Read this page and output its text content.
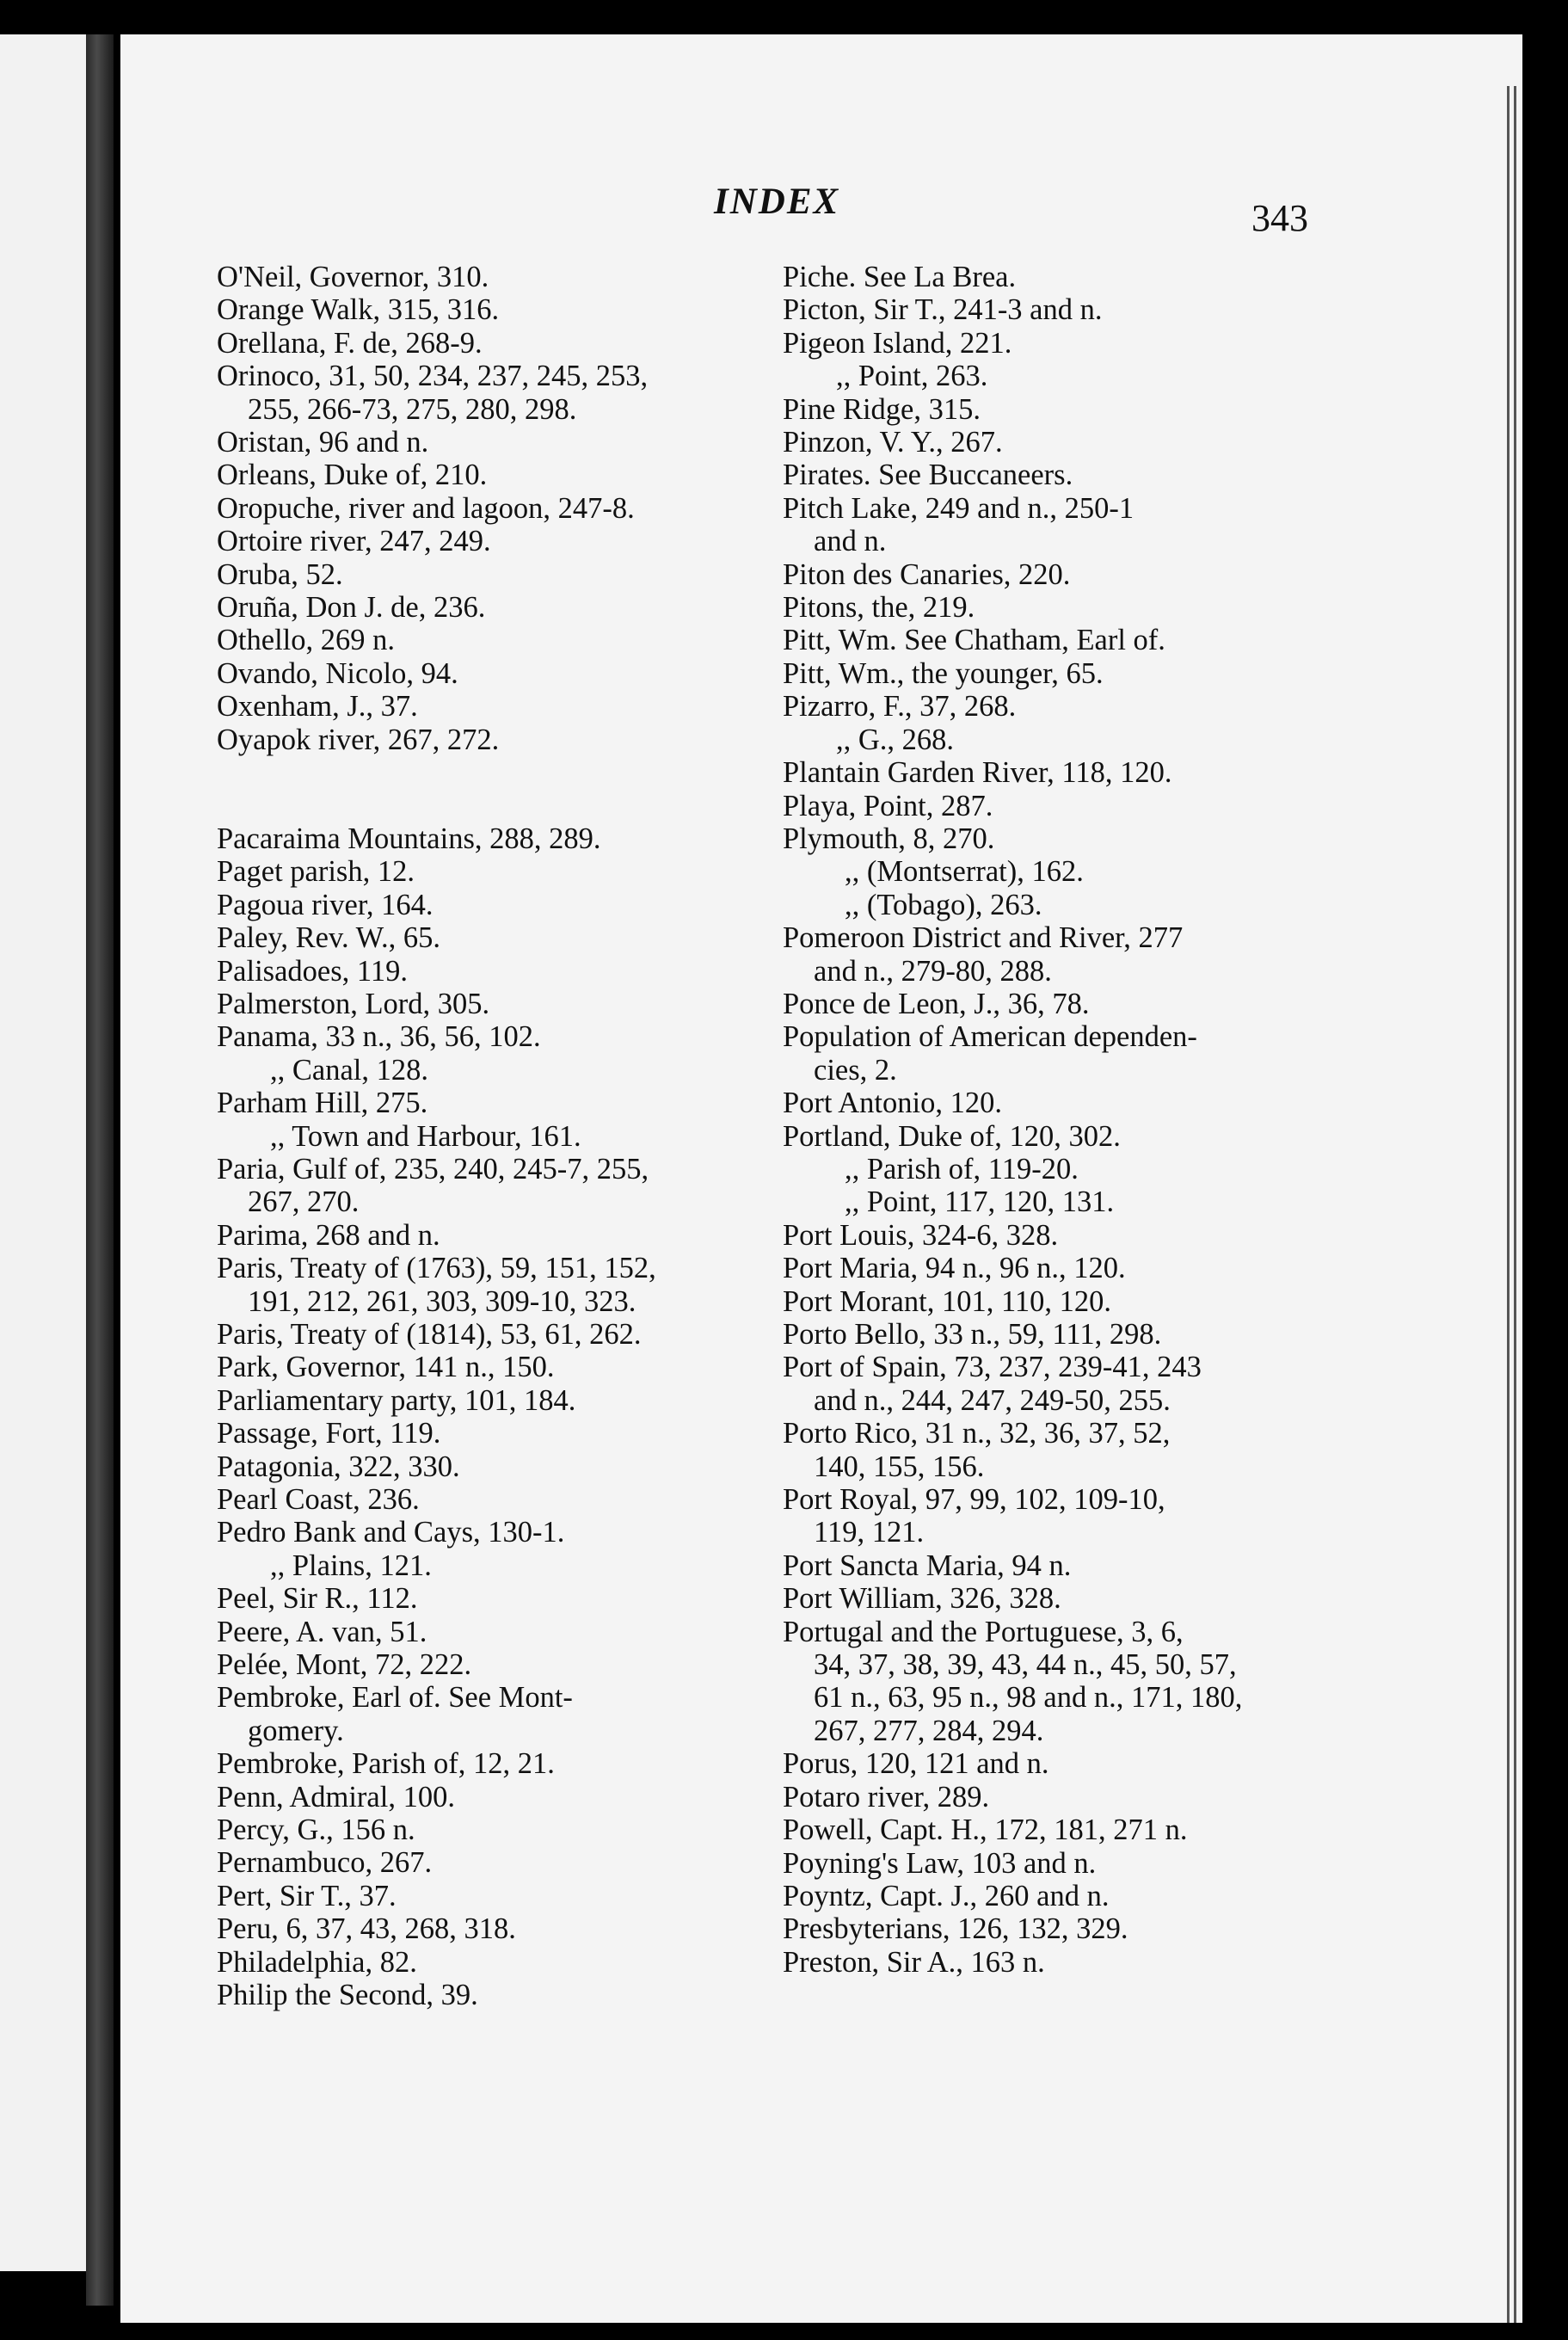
INDEX	343
O'Neil, Governor, 310.
Orange Walk, 315, 316.
Orellana, F. de, 268-9.
Orinoco, 31, 50, 234, 237, 245, 253,
255, 266-73, 275, 280, 298.
Oristan, 96 and n.
Orleans, Duke of, 210.
Oropuche, river and lagoon, 247-8.
Ortoire river, 247, 249.
Oruba, 52.
Oruña, Don J. de, 236.
Othello, 269 n.
Ovando, Nicolo, 94.
Oxenham, J., 37.
Oyapok river, 267, 272.
Pacaraima Mountains, 288, 289.
Paget parish, 12.
Pagoua river, 164.
Paley, Rev. W., 65.
Palisadoes, 119.
Palmerston, Lord, 305.
Panama, 33 n., 36, 56, 102.
,, Canal, 128.
Parham Hill, 275.
,, Town and Harbour, 161.
Paria, Gulf of, 235, 240, 245-7, 255,
267, 270.
Parima, 268 and n.
Paris, Treaty of (1763), 59, 151, 152,
191, 212, 261, 303, 309-10, 323.
Paris, Treaty of (1814), 53, 61, 262.
Park, Governor, 141 n., 150.
Parliamentary party, 101, 184.
Passage, Fort, 119.
Patagonia, 322, 330.
Pearl Coast, 236.
Pedro Bank and Cays, 130-1.
,, Plains, 121.
Peel, Sir R., 112.
Peere, A. van, 51.
Pelée, Mont, 72, 222.
Pembroke, Earl of. See Mont-
gomery.
Pembroke, Parish of, 12, 21.
Penn, Admiral, 100.
Percy, G., 156 n.
Pernambuco, 267.
Pert, Sir T., 37.
Peru, 6, 37, 43, 268, 318.
Philadelphia, 82.
Philip the Second, 39.
Piche. See La Brea.
Picton, Sir T., 241-3 and n.
Pigeon Island, 221.
,, Point, 263.
Pine Ridge, 315.
Pinzon, V. Y., 267.
Pirates. See Buccaneers.
Pitch Lake, 249 and n., 250-1
and n.
Piton des Canaries, 220.
Pitons, the, 219.
Pitt, Wm. See Chatham, Earl of.
Pitt, Wm., the younger, 65.
Pizarro, F., 37, 268.
,, G., 268.
Plantain Garden River, 118, 120.
Playa, Point, 287.
Plymouth, 8, 270.
,, (Montserrat), 162.
,, (Tobago), 263.
Pomeroon District and River, 277
and n., 279-80, 288.
Ponce de Leon, J., 36, 78.
Population of American dependen-
cies, 2.
Port Antonio, 120.
Portland, Duke of, 120, 302.
,, Parish of, 119-20.
,, Point, 117, 120, 131.
Port Louis, 324-6, 328.
Port Maria, 94 n., 96 n., 120.
Port Morant, 101, 110, 120.
Porto Bello, 33 n., 59, 111, 298.
Port of Spain, 73, 237, 239-41, 243
and n., 244, 247, 249-50, 255.
Porto Rico, 31 n., 32, 36, 37, 52,
140, 155, 156.
Port Royal, 97, 99, 102, 109-10,
119, 121.
Port Sancta Maria, 94 n.
Port William, 326, 328.
Portugal and the Portuguese, 3, 6,
34, 37, 38, 39, 43, 44 n., 45, 50, 57,
61 n., 63, 95 n., 98 and n., 171, 180,
267, 277, 284, 294.
Porus, 120, 121 and n.
Potaro river, 289.
Powell, Capt. H., 172, 181, 271 n.
Poyning's Law, 103 and n.
Poyntz, Capt. J., 260 and n.
Presbyterians, 126, 132, 329.
Preston, Sir A., 163 n.
